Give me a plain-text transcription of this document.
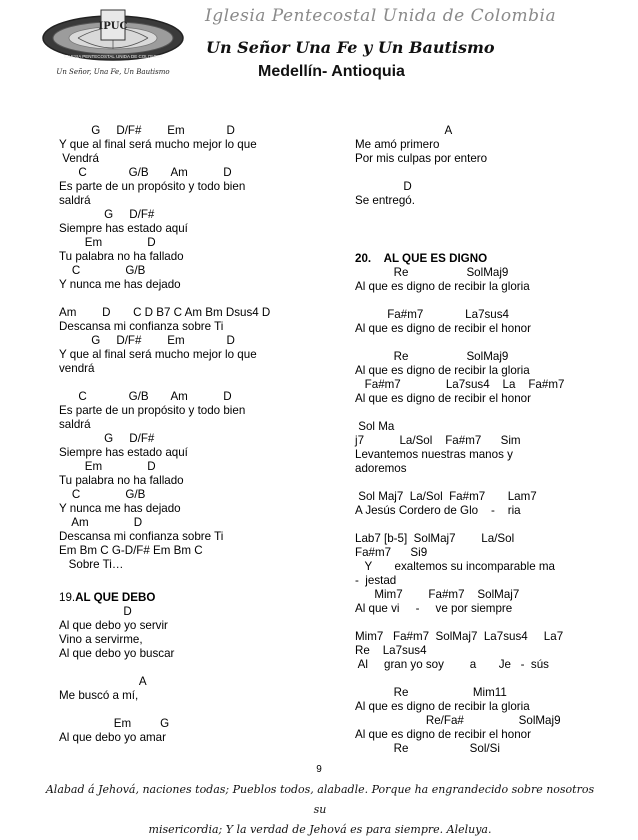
IPUC
IGLESIA PENTECOSTAL UNIDA DE COLOMBIA
Un Señor, Una Fe, Un Bautismo
Iglesia Pentecostal Unida de Colombia
Un Señor Una Fe y Un Bautismo
Medellín- Antioquia
G     D/F#        Em             D
Y que al final será mucho mejor lo que
Vendrá
C             G/B       Am           D
Es parte de un propósito y todo bien
saldrá
G     D/F#
Siempre has estado aquí
Em              D
Tu palabra no ha fallado
C              G/B
Y nunca me has dejado
Am        D       C D B7 C Am Bm Dsus4 D
Descansa mi confianza sobre Ti
G     D/F#        Em             D
Y que al final será mucho mejor lo que
vendrá
C             G/B       Am           D
Es parte de un propósito y todo bien
saldrá
G     D/F#
Siempre has estado aquí
Em              D
Tu palabra no ha fallado
C              G/B
Y nunca me has dejado
Am              D
Descansa mi confianza sobre Ti
Em Bm C G-D/F# Em Bm C
Sobre Ti…
19.AL QUE DEBO
D
Al que debo yo servir
Vino a servirme,
Al que debo yo buscar
A
Me buscó a mí,
Em         G
Al que debo yo amar
A
Me amó primero
Por mis culpas por entero
D
Se entregó.
20. AL QUE ES DIGNO
Re                  SolMaj9
Al que es digno de recibir la gloria
Fa#m7             La7sus4
Al que es digno de recibir el honor
Re                  SolMaj9
Al que es digno de recibir la gloria
Fa#m7              La7sus4    La    Fa#m7
Al que es digno de recibir el honor
Sol Ma
j7           La/Sol    Fa#m7      Sim
Levantemos nuestras manos y
adoremos
Sol Maj7  La/Sol  Fa#m7       Lam7
A Jesús Cordero de Glo    -    ria
Lab7 [b-5]  SolMaj7        La/Sol
Fa#m7      Si9
Y       exaltemos su incomparable ma
-  jestad
Mim7        Fa#m7    SolMaj7
Al que vi     -     ve por siempre
Mim7   Fa#m7  SolMaj7  La7sus4     La7
Re    La7sus4
Al     gran yo soy        a       Je   -  sús
Re                    Mim11
Al que es digno de recibir la gloria
Re/Fa#                 SolMaj9
Al que es digno de recibir el honor
Re                   Sol/Si
9
Alabad á Jehová, naciones todas; Pueblos todos, alabadle. Porque ha engrandecido sobre nosotros su
misericordia; Y la verdad de Jehová es para siempre. Aleluya.
